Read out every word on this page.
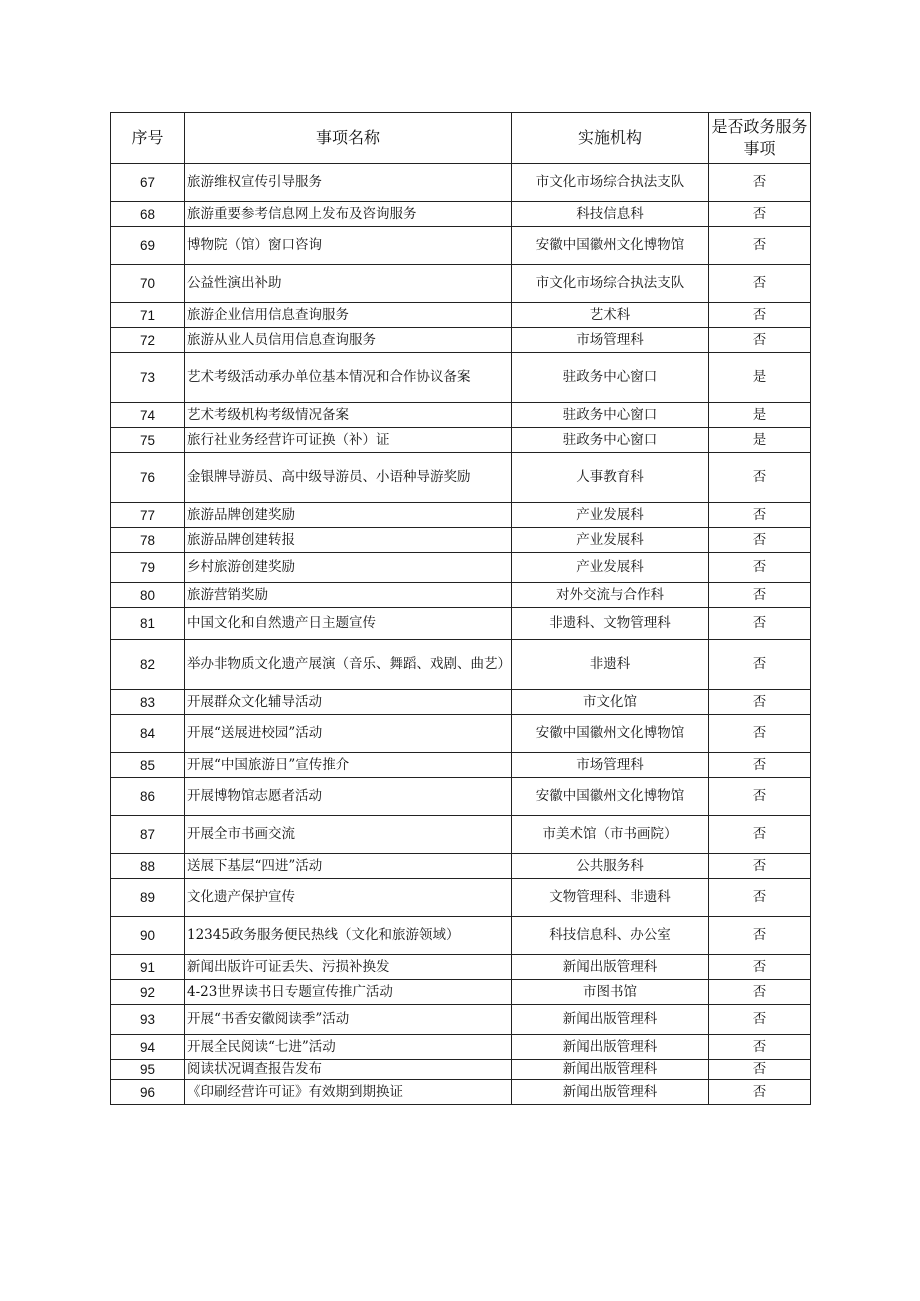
序号	事项名称	实施机构	是否政务服务事项
67	旅游维权宣传引导服务	市文化市场综合执法支队	否
68	旅游重要参考信息网上发布及咨询服务	科技信息科	否
69	博物院（馆）窗口咨询	安徽中国徽州文化博物馆	否
70	公益性演出补助	市文化市场综合执法支队	否
71	旅游企业信用信息查询服务	艺术科	否
72	旅游从业人员信用信息查询服务	市场管理科	否
73	艺术考级活动承办单位基本情况和合作协议备案	驻政务中心窗口	是
74	艺术考级机构考级情况备案	驻政务中心窗口	是
75	旅行社业务经营许可证换（补）证	驻政务中心窗口	是
76	金银牌导游员、高中级导游员、小语种导游奖励	人事教育科	否
77	旅游品牌创建奖励	产业发展科	否
78	旅游品牌创建转报	产业发展科	否
79	乡村旅游创建奖励	产业发展科	否
80	旅游营销奖励	对外交流与合作科	否
81	中国文化和自然遗产日主题宣传	非遗科、文物管理科	否
82	举办非物质文化遗产展演（音乐、舞蹈、戏剧、曲艺）	非遗科	否
83	开展群众文化辅导活动	市文化馆	否
84	开展“送展进校园”活动	安徽中国徽州文化博物馆	否
85	开展“中国旅游日”宣传推介	市场管理科	否
86	开展博物馆志愿者活动	安徽中国徽州文化博物馆	否
87	开展全市书画交流	市美术馆（市书画院）	否
88	送展下基层“四进”活动	公共服务科	否
89	文化遗产保护宣传	文物管理科、非遗科	否
90	12345政务服务便民热线（文化和旅游领域）	科技信息科、办公室	否
91	新闻出版许可证丢失、污损补换发	新闻出版管理科	否
92	4-23世界读书日专题宣传推广活动	市图书馆	否
93	开展“书香安徽阅读季”活动	新闻出版管理科	否
94	开展全民阅读“七进”活动	新闻出版管理科	否
95	阅读状况调查报告发布	新闻出版管理科	否
96	《印刷经营许可证》有效期到期换证	新闻出版管理科	否
